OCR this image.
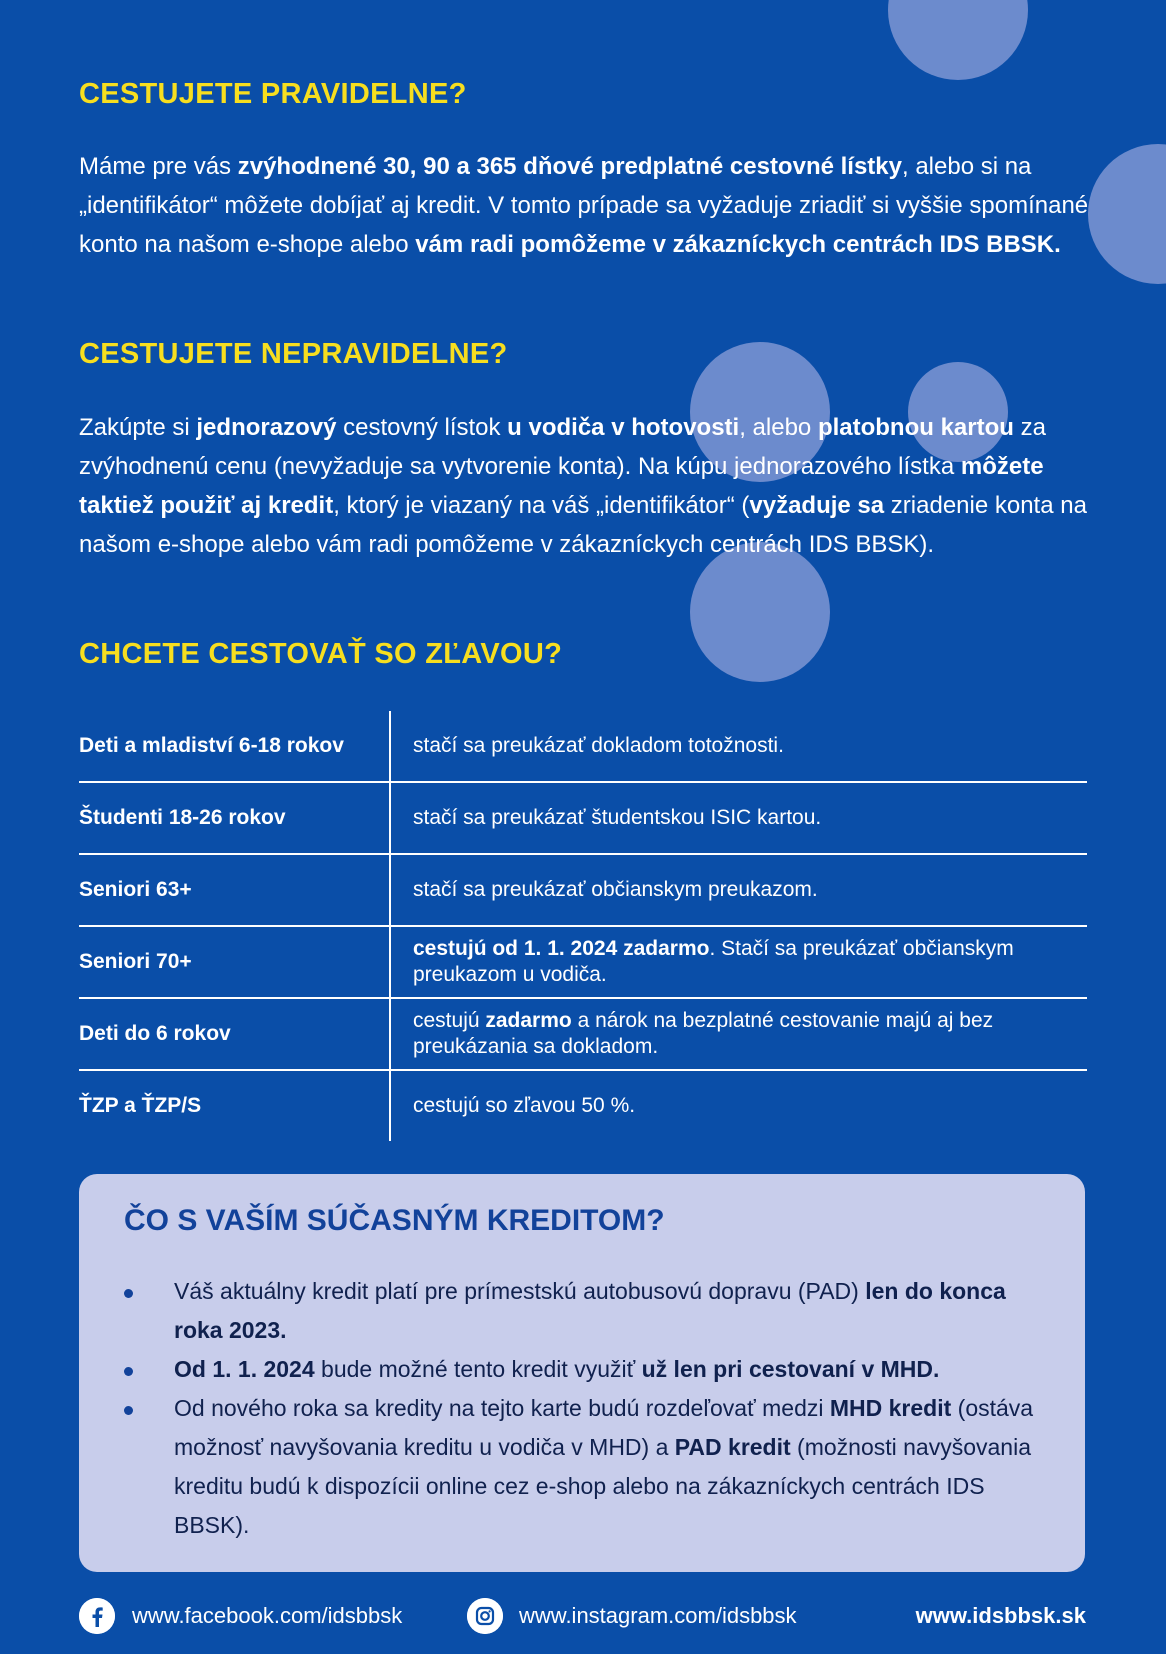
CESTUJETE PRAVIDELNE?

Máme pre vás zvýhodnené 30, 90 a 365 dňové predplatné cestovné lístky, alebo si na „identifikátor“ môžete dobíjať aj kredit. V tomto prípade sa vyžaduje zriadiť si vyššie spomínané konto na našom e-shope alebo vám radi pomôžeme v zákazníckych centrách IDS BBSK.

CESTUJETE NEPRAVIDELNE?

Zakúpte si jednorazový cestovný lístok u vodiča v hotovosti, alebo platobnou kartou za zvýhodnenú cenu (nevyžaduje sa vytvorenie konta). Na kúpu jednorazového lístka môžete taktiež použiť aj kredit, ktorý je viazaný na váš „identifikátor“ (vyžaduje sa zriadenie konta na našom e-shope alebo vám radi pomôžeme v zákazníckych centrách IDS BBSK).

CHCETE CESTOVAŤ SO ZĽAVOU?
Deti a mladiství 6-18 rokov	stačí sa preukázať dokladom totožnosti.
Študenti 18-26 rokov	stačí sa preukázať študentskou ISIC kartou.
Seniori 63+	stačí sa preukázať občianskym preukazom.
Seniori 70+	cestujú od 1. 1. 2024 zadarmo. Stačí sa preukázať občianskym preukazom u vodiča.
Deti do 6 rokov	cestujú zadarmo a nárok na bezplatné cestovanie majú aj bez preukázania sa dokladom.
ŤZP a ŤZP/S	cestujú so zľavou 50 %.
ČO S VAŠÍM SÚČASNÝM KREDITOM?
Váš aktuálny kredit platí pre prímestskú autobusovú dopravu (PAD) len do konca roka 2023.
Od 1. 1. 2024 bude možné tento kredit využiť už len pri cestovaní v MHD.
Od nového roka sa kredity na tejto karte budú rozdeľovať medzi MHD kredit (ostáva možnosť navyšovania kreditu u vodiča v MHD) a PAD kredit (možnosti navyšovania kreditu budú k dispozícii online cez e-shop alebo na zákazníckych centrách IDS BBSK).
www.facebook.com/idsbbsk	www.instagram.com/idsbbsk	www.idsbbsk.sk
